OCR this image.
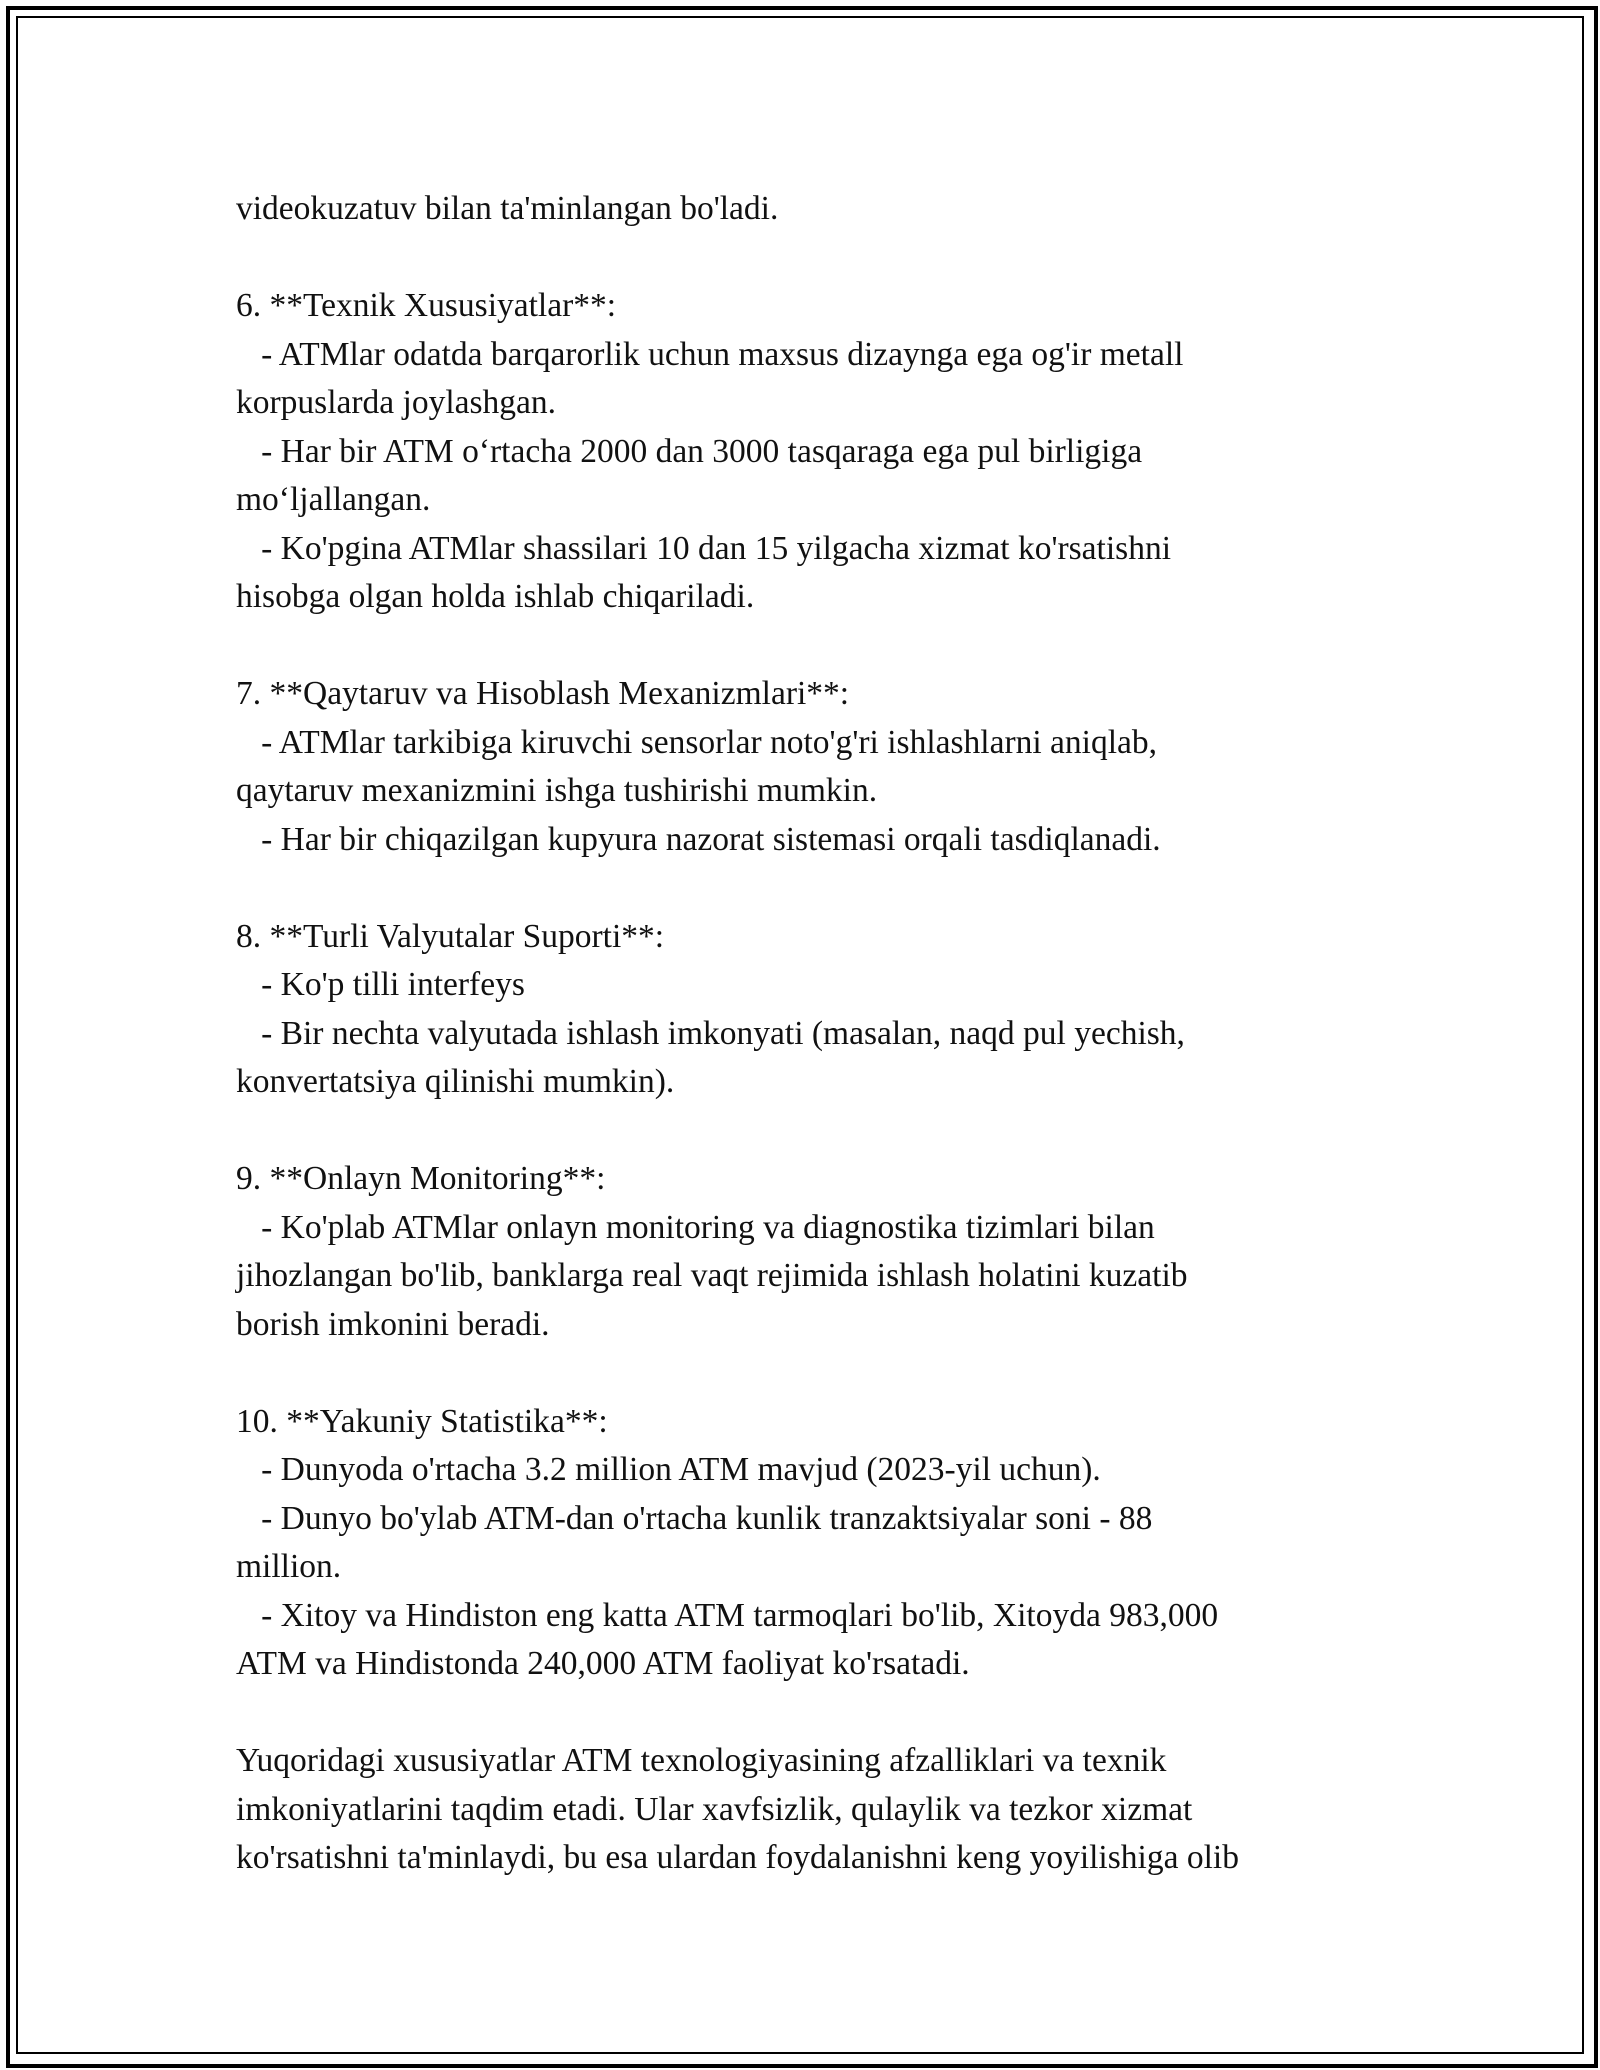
videokuzatuv bilan ta'minlangan bo'ladi.
6. **Texnik Xususiyatlar**:
- ATMlar odatda barqarorlik uchun maxsus dizaynga ega og'ir metall
korpuslarda joylashgan.
- Har bir ATM o‘rtacha 2000 dan 3000 tasqaraga ega pul birligiga
mo‘ljallangan.
- Ko'pgina ATMlar shassilari 10 dan 15 yilgacha xizmat ko'rsatishni
hisobga olgan holda ishlab chiqariladi.
7. **Qaytaruv va Hisoblash Mexanizmlari**:
- ATMlar tarkibiga kiruvchi sensorlar noto'g'ri ishlashlarni aniqlab,
qaytaruv mexanizmini ishga tushirishi mumkin.
- Har bir chiqazilgan kupyura nazorat sistemasi orqali tasdiqlanadi.
8. **Turli Valyutalar Suporti**:
- Ko'p tilli interfeys
- Bir nechta valyutada ishlash imkonyati (masalan, naqd pul yechish,
konvertatsiya qilinishi mumkin).
9. **Onlayn Monitoring**:
- Ko'plab ATMlar onlayn monitoring va diagnostika tizimlari bilan
jihozlangan bo'lib, banklarga real vaqt rejimida ishlash holatini kuzatib
borish imkonini beradi.
10. **Yakuniy Statistika**:
- Dunyoda o'rtacha 3.2 million ATM mavjud (2023-yil uchun).
- Dunyo bo'ylab ATM-dan o'rtacha kunlik tranzaktsiyalar soni - 88
million.
- Xitoy va Hindiston eng katta ATM tarmoqlari bo'lib, Xitoyda 983,000
ATM va Hindistonda 240,000 ATM faoliyat ko'rsatadi.
Yuqoridagi xususiyatlar ATM texnologiyasining afzalliklari va texnik
imkoniyatlarini taqdim etadi. Ular xavfsizlik, qulaylik va tezkor xizmat
ko'rsatishni ta'minlaydi, bu esa ulardan foydalanishni keng yoyilishiga olib
